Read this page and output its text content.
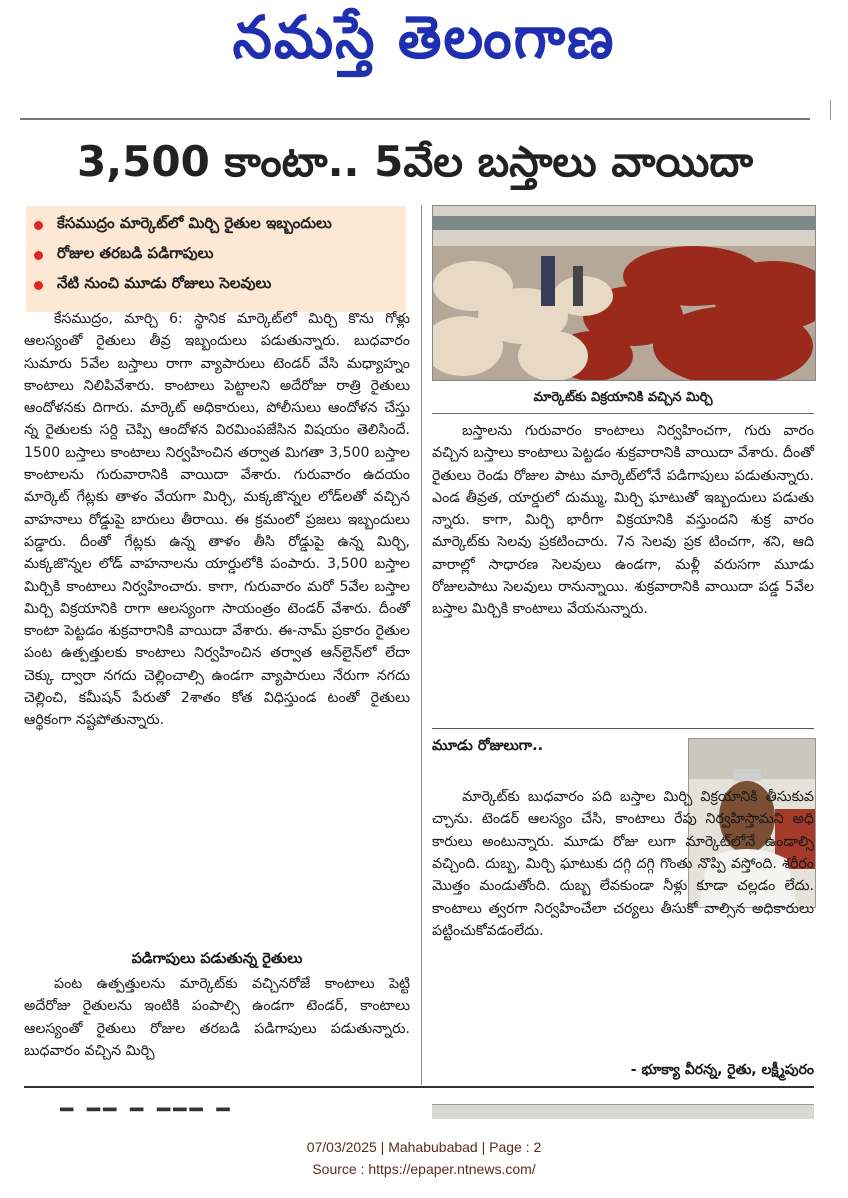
నమస్తే తెలంగాణ
3,500 కాంటా.. 5వేల బస్తాలు వాయిదా
కేసముద్రం మార్కెట్‌లో మిర్చి రైతుల ఇబ్బందులు
రోజుల తరబడి పడిగాపులు
నేటి నుంచి మూడు రోజులు సెలవులు
మార్కెట్‌కు విక్రయానికి వచ్చిన మిర్చి

కేసముద్రం, మార్చి 6: స్థానిక మార్కెట్‌లో మిర్చి కొను గోళ్లు ఆలస్యంతో రైతులు తీవ్ర ఇబ్బందులు పడుతున్నారు. బుధవారం సుమారు 5వేల బస్తాలు రాగా వ్యాపారులు టెండర్ వేసి మధ్యాహ్నం కాంటాలు నిలిపివేశారు. కాంటాలు పెట్టాలని అదేరోజు రాత్రి రైతులు ఆందోళనకు దిగారు. మార్కెట్ అధికారులు, పోలీసులు ఆందోళన చేస్తు న్న రైతులకు సర్ది చెప్పి ఆందోళన విరమింపజేసిన విషయం తెలిసిందే. 1500 బస్తాలు కాంటాలు నిర్వహించిన తర్వాత మిగతా 3,500 బస్తాల కాంటాలను గురువారానికి వాయిదా వేశారు. గురువారం ఉదయం మార్కెట్ గేట్లకు తాళం వేయగా మిర్చి, మక్కజొన్నల లోడ్‌లతో వచ్చిన వాహనాలు రోడ్డుపై బారులు తీరాయి. ఈ క్రమంలో ప్రజలు ఇబ్బందులు పడ్డారు. దీంతో గేట్లకు ఉన్న తాళం తీసి రోడ్డుపై ఉన్న మిర్చి, మక్కజొన్నల లోడ్ వాహనాలను యార్డులోకి పంపారు. 3,500 బస్తాల మిర్చికి కాంటాలు నిర్వహించారు. కాగా, గురువారం మరో 5వేల బస్తాల మిర్చి విక్రయానికి రాగా ఆలస్యంగా సాయంత్రం టెండర్ వేశారు. దీంతో కాంటా పెట్టడం శుక్రవారానికి వాయిదా వేశారు. ఈ-నామ్ ప్రకారం రైతుల పంట ఉత్పత్తులకు కాంటాలు నిర్వహించిన తర్వాత ఆన్‌లైన్‌లో లేదా చెక్కు ద్వారా నగదు చెల్లించాల్సి ఉండగా వ్యాపారులు నేరుగా నగదు చెల్లించి, కమీషన్ పేరుతో 2శాతం కోత విధిస్తుండ టంతో రైతులు ఆర్థికంగా నష్టపోతున్నారు.

పడిగాపులు పడుతున్న రైతులు

పంట ఉత్పత్తులను మార్కెట్‌కు వచ్చినరోజే కాంటాలు పెట్టి అదేరోజు రైతులను ఇంటికి పంపాల్సి ఉండగా టెండర్, కాంటాలు ఆలస్యంతో రైతులు రోజుల తరబడి పడిగాపులు పడుతున్నారు. బుధవారం వచ్చిన మిర్చి

బస్తాలను గురువారం కాంటాలు నిర్వహించగా, గురు వారం వచ్చిన బస్తాలు కాంటాలు పెట్టడం శుక్రవారానికి వాయిదా వేశారు. దీంతో రైతులు రెండు రోజుల పాటు మార్కెట్‌లోనే పడిగాపులు పడుతున్నారు. ఎండ తీవ్రత, యార్డులో దుమ్ము, మిర్చి ఘాటుతో ఇబ్బందులు పడుతు న్నారు. కాగా, మిర్చి భారీగా విక్రయానికి వస్తుందని శుక్ర వారం మార్కెట్‌కు సెలవు ప్రకటించారు. 7న సెలవు ప్రక టించగా, శని, ఆది వారాల్లో సాధారణ సెలవులు ఉండగా, మళ్లీ వరుసగా మూడు రోజులపాటు సెలవులు రానున్నాయి. శుక్రవారానికి వాయిదా పడ్డ 5వేల బస్తాల మిర్చికి కాంటాలు వేయనున్నారు.

మూడు రోజులుగా..

మార్కెట్‌కు బుధవారం పది బస్తాల మిర్చి విక్రయానికి తీసుకువ చ్చాను. టెండర్ ఆలస్యం చేసి, కాంటాలు రేపు నిర్వహిస్తామని అధి కారులు అంటున్నారు. మూడు రోజు లుగా మార్కెట్‌లోనే ఉండాల్సి వచ్చింది. దుబ్బ, మిర్చి ఘాటుకు దగ్గి దగ్గి గొంతు నొప్పి వస్తోంది. శరీరం మొత్తం మండుతోంది. దుబ్బ లేవకుండా నీళ్లు కూడా చల్లడం లేదు. కాంటాలు త్వరగా నిర్వహించేలా చర్యలు తీసుకో వాల్సిన అధికారులు పట్టించుకోవడంలేదు.

- భూక్యా వీరన్న, రైతు, లక్ష్మీపురం
━ ━━ ━ ━━━ ━
07/03/2025 | Mahabubabad | Page : 2
Source : https://epaper.ntnews.com/
